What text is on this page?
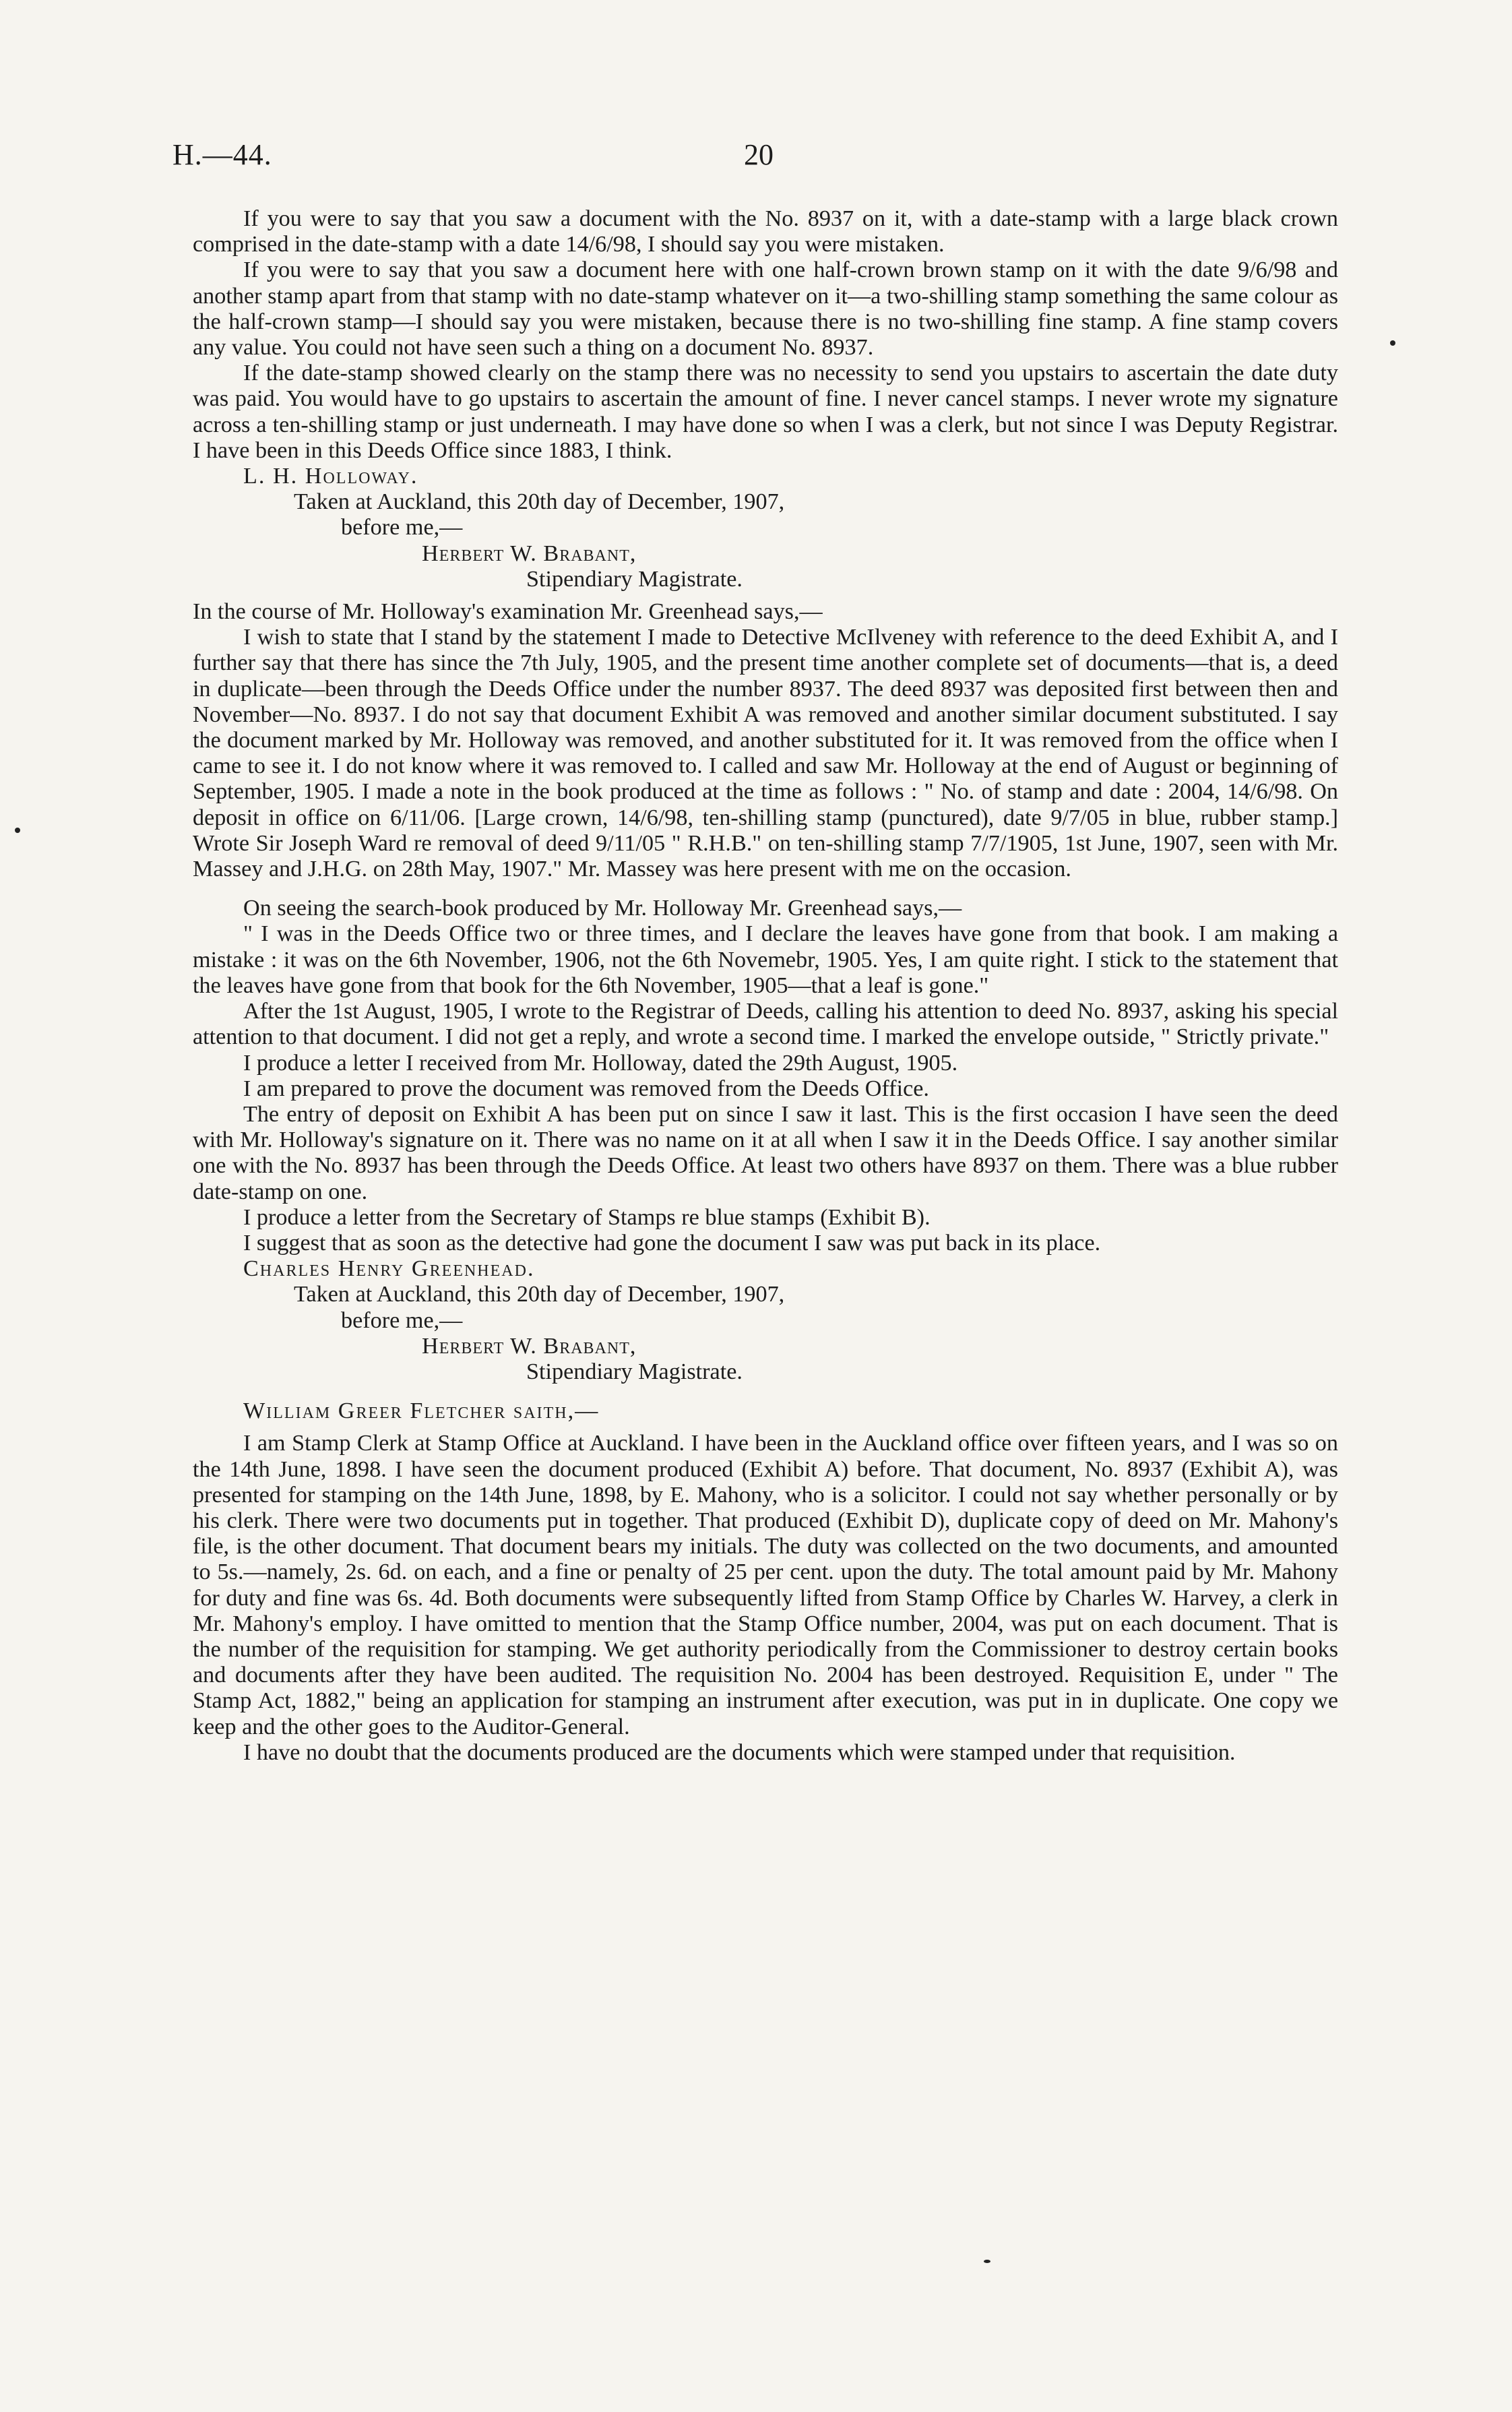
H.—44.	20

If you were to say that you saw a document with the No. 8937 on it, with a date-stamp with a large black crown comprised in the date-stamp with a date 14/6/98, I should say you were mistaken.

If you were to say that you saw a document here with one half-crown brown stamp on it with the date 9/6/98 and another stamp apart from that stamp with no date-stamp whatever on it—a two-shilling stamp something the same colour as the half-crown stamp—I should say you were mistaken, because there is no two-shilling fine stamp. A fine stamp covers any value. You could not have seen such a thing on a document No. 8937.

If the date-stamp showed clearly on the stamp there was no necessity to send you upstairs to ascertain the date duty was paid. You would have to go upstairs to ascertain the amount of fine. I never cancel stamps. I never wrote my signature across a ten-shilling stamp or just underneath. I may have done so when I was a clerk, but not since I was Deputy Registrar. I have been in this Deeds Office since 1883, I think.

L. H. Holloway.

Taken at Auckland, this 20th day of December, 1907,

before me,—

Herbert W. Brabant,

Stipendiary Magistrate.

In the course of Mr. Holloway's examination Mr. Greenhead says,—

I wish to state that I stand by the statement I made to Detective McIlveney with reference to the deed Exhibit A, and I further say that there has since the 7th July, 1905, and the present time another complete set of documents—that is, a deed in duplicate—been through the Deeds Office under the number 8937. The deed 8937 was deposited first between then and November—No. 8937. I do not say that document Exhibit A was removed and another similar document substituted. I say the document marked by Mr. Holloway was removed, and another substituted for it. It was removed from the office when I came to see it. I do not know where it was removed to. I called and saw Mr. Holloway at the end of August or beginning of September, 1905. I made a note in the book produced at the time as follows : " No. of stamp and date : 2004, 14/6/98. On deposit in office on 6/11/06. [Large crown, 14/6/98, ten-shilling stamp (punctured), date 9/7/05 in blue, rubber stamp.] Wrote Sir Joseph Ward re removal of deed 9/11/05 " R.H.B." on ten-shilling stamp 7/7/1905, 1st June, 1907, seen with Mr. Massey and J.H.G. on 28th May, 1907." Mr. Massey was here present with me on the occasion.

On seeing the search-book produced by Mr. Holloway Mr. Greenhead says,—

" I was in the Deeds Office two or three times, and I declare the leaves have gone from that book. I am making a mistake : it was on the 6th November, 1906, not the 6th Novemebr, 1905. Yes, I am quite right. I stick to the statement that the leaves have gone from that book for the 6th November, 1905—that a leaf is gone."

After the 1st August, 1905, I wrote to the Registrar of Deeds, calling his attention to deed No. 8937, asking his special attention to that document. I did not get a reply, and wrote a second time. I marked the envelope outside, " Strictly private."

I produce a letter I received from Mr. Holloway, dated the 29th August, 1905.

I am prepared to prove the document was removed from the Deeds Office.

The entry of deposit on Exhibit A has been put on since I saw it last. This is the first occasion I have seen the deed with Mr. Holloway's signature on it. There was no name on it at all when I saw it in the Deeds Office. I say another similar one with the No. 8937 has been through the Deeds Office. At least two others have 8937 on them. There was a blue rubber date-stamp on one.

I produce a letter from the Secretary of Stamps re blue stamps (Exhibit B).

I suggest that as soon as the detective had gone the document I saw was put back in its place.

Charles Henry Greenhead.

Taken at Auckland, this 20th day of December, 1907,

before me,—

Herbert W. Brabant,

Stipendiary Magistrate.

William Greer Fletcher saith,—

I am Stamp Clerk at Stamp Office at Auckland. I have been in the Auckland office over fifteen years, and I was so on the 14th June, 1898. I have seen the document produced (Exhibit A) before. That document, No. 8937 (Exhibit A), was presented for stamping on the 14th June, 1898, by E. Mahony, who is a solicitor. I could not say whether personally or by his clerk. There were two documents put in together. That produced (Exhibit D), duplicate copy of deed on Mr. Mahony's file, is the other document. That document bears my initials. The duty was collected on the two documents, and amounted to 5s.—namely, 2s. 6d. on each, and a fine or penalty of 25 per cent. upon the duty. The total amount paid by Mr. Mahony for duty and fine was 6s. 4d. Both documents were subsequently lifted from Stamp Office by Charles W. Harvey, a clerk in Mr. Mahony's employ. I have omitted to mention that the Stamp Office number, 2004, was put on each document. That is the number of the requisition for stamping. We get authority periodically from the Commissioner to destroy certain books and documents after they have been audited. The requisition No. 2004 has been destroyed. Requisition E, under " The Stamp Act, 1882," being an application for stamping an instrument after execution, was put in in duplicate. One copy we keep and the other goes to the Auditor-General.

I have no doubt that the documents produced are the documents which were stamped under that requisition.
